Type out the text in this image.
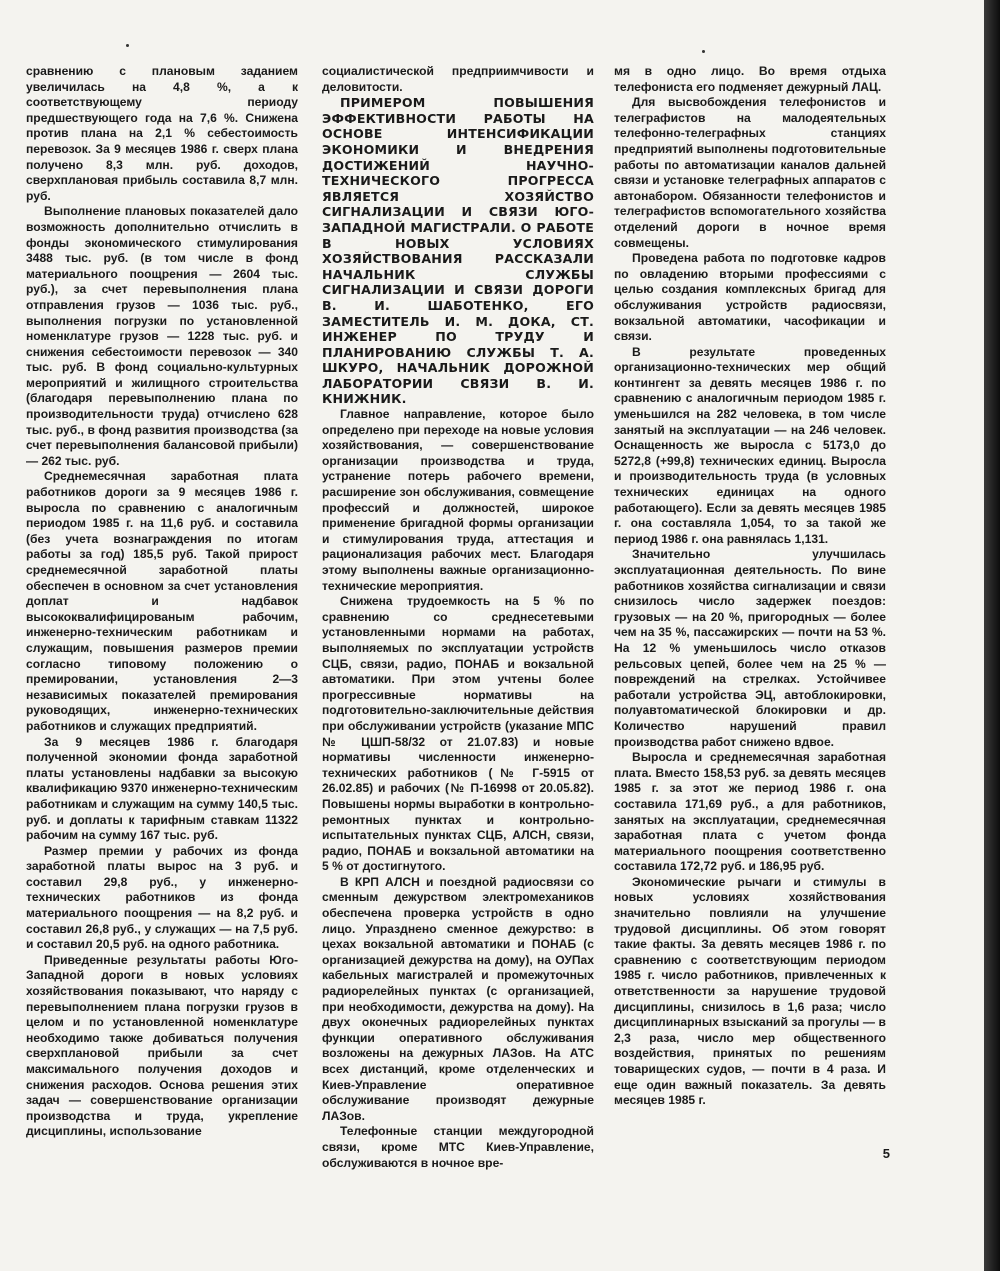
сравнению с плановым заданием увеличилась на 4,8 %, а к соответствующему периоду предшествующего года на 7,6 %. Снижена против плана на 2,1 % себестоимость перевозок. За 9 месяцев 1986 г. сверх плана получено 8,3 млн. руб. доходов, сверхплановая прибыль составила 8,7 млн. руб.

Выполнение плановых показателей дало возможность дополнительно отчислить в фонды экономического стимулирования 3488 тыс. руб. (в том числе в фонд материального поощрения — 2604 тыс. руб.), за счет перевыполнения плана отправления грузов — 1036 тыс. руб., выполнения погрузки по установленной номенклатуре грузов — 1228 тыс. руб. и снижения себестоимости перевозок — 340 тыс. руб. В фонд социально-культурных мероприятий и жилищного строительства (благодаря перевыполнению плана по производительности труда) отчислено 628 тыс. руб., в фонд развития производства (за счет перевыполнения балансовой прибыли) — 262 тыс. руб.

Среднемесячная заработная плата работников дороги за 9 месяцев 1986 г. выросла по сравнению с аналогичным периодом 1985 г. на 11,6 руб. и составила (без учета вознаграждения по итогам работы за год) 185,5 руб. Такой прирост среднемесячной заработной платы обеспечен в основном за счет установления доплат и надбавок высококвалифицированым рабочим, инженерно-техническим работникам и служащим, повышения размеров премии согласно типовому положению о премировании, установления 2—3 независимых показателей премирования руководящих, инженерно-технических работников и служащих предприятий.

За 9 месяцев 1986 г. благодаря полученной экономии фонда заработной платы установлены надбавки за высокую квалификацию 9370 инженерно-техническим работникам и служащим на сумму 140,5 тыс. руб. и доплаты к тарифным ставкам 11322 рабочим на сумму 167 тыс. руб.

Размер премии у рабочих из фонда заработной платы вырос на 3 руб. и составил 29,8 руб., у инженерно-технических работников из фонда материального поощрения — на 8,2 руб. и составил 26,8 руб., у служащих — на 7,5 руб. и составил 20,5 руб. на одного работника.

Приведенные результаты работы Юго-Западной дороги в новых условиях хозяйствования показывают, что наряду с перевыполнением плана погрузки грузов в целом и по установленной номенклатуре необходимо также добиваться получения сверхплановой прибыли за счет максимального получения доходов и снижения расходов. Основа решения этих задач — совершенствование организации производства и труда, укрепление дисциплины, использование

социалистической предприимчивости и деловитости.

ПРИМЕРОМ ПОВЫШЕНИЯ ЭФФЕКТИВНОСТИ РАБОТЫ НА ОСНОВЕ ИНТЕНСИФИКАЦИИ ЭКОНОМИКИ И ВНЕДРЕНИЯ ДОСТИЖЕНИЙ НАУЧНО-ТЕХНИЧЕСКОГО ПРОГРЕССА ЯВЛЯЕТСЯ ХОЗЯЙСТВО СИГНАЛИЗАЦИИ И СВЯЗИ ЮГО-ЗАПАДНОЙ МАГИСТРАЛИ. О РАБОТЕ В НОВЫХ УСЛОВИЯХ ХОЗЯЙСТВОВАНИЯ РАССКАЗАЛИ НАЧАЛЬНИК СЛУЖБЫ СИГНАЛИЗАЦИИ И СВЯЗИ ДОРОГИ В. И. ШАБОТЕНКО, ЕГО ЗАМЕСТИТЕЛЬ И. М. ДОКА, СТ. ИНЖЕНЕР ПО ТРУДУ И ПЛАНИРОВАНИЮ СЛУЖБЫ Т. А. ШКУРО, НАЧАЛЬНИК ДОРОЖНОЙ ЛАБОРАТОРИИ СВЯЗИ В. И. КНИЖНИК.

Главное направление, которое было определено при переходе на новые условия хозяйствования, — совершенствование организации производства и труда, устранение потерь рабочего времени, расширение зон обслуживания, совмещение профессий и должностей, широкое применение бригадной формы организации и стимулирования труда, аттестация и рационализация рабочих мест. Благодаря этому выполнены важные организационно-технические мероприятия.

Снижена трудоемкость на 5 % по сравнению со среднесетевыми установленными нормами на работах, выполняемых по эксплуатации устройств СЦБ, связи, радио, ПОНАБ и вокзальной автоматики. При этом учтены более прогрессивные нормативы на подготовительно-заключительные действия при обслуживании устройств (указание МПС № ЦШП-58/32 от 21.07.83) и новые нормативы численности инженерно-технических работников (№ Г-5915 от 26.02.85) и рабочих (№ П-16998 от 20.05.82). Повышены нормы выработки в контрольно-ремонтных пунктах и контрольно-испытательных пунктах СЦБ, АЛСН, связи, радио, ПОНАБ и вокзальной автоматики на 5 % от достигнутого.

В КРП АЛСН и поездной радиосвязи со сменным дежурством электромехаников обеспечена проверка устройств в одно лицо. Упразднено сменное дежурство: в цехах вокзальной автоматики и ПОНАБ (с организацией дежурства на дому), на ОУПах кабельных магистралей и промежуточных радиорелейных пунктах (с организацией, при необходимости, дежурства на дому). На двух оконечных радиорелейных пунктах функции оперативного обслуживания возложены на дежурных ЛАЗов. На АТС всех дистанций, кроме отделенческих и Киев-Управление оперативное обслуживание производят дежурные ЛАЗов.

Телефонные станции междугородной связи, кроме МТС Киев-Управление, обслуживаются в ночное вре-

мя в одно лицо. Во время отдыха телефониста его подменяет дежурный ЛАЦ.

Для высвобождения телефонистов и телеграфистов на малодеятельных телефонно-телеграфных станциях предприятий выполнены подготовительные работы по автоматизации каналов дальней связи и установке телеграфных аппаратов с автонабором. Обязанности телефонистов и телеграфистов вспомогательного хозяйства отделений дороги в ночное время совмещены.

Проведена работа по подготовке кадров по овладению вторыми профессиями с целью создания комплексных бригад для обслуживания устройств радиосвязи, вокзальной автоматики, часофикации и связи.

В результате проведенных организационно-технических мер общий контингент за девять месяцев 1986 г. по сравнению с аналогичным периодом 1985 г. уменьшился на 282 человека, в том числе занятый на эксплуатации — на 246 человек. Оснащенность же выросла с 5173,0 до 5272,8 (+99,8) технических единиц. Выросла и производительность труда (в условных технических единицах на одного работающего). Если за девять месяцев 1985 г. она составляла 1,054, то за такой же период 1986 г. она равнялась 1,131.

Значительно улучшилась эксплуатационная деятельность. По вине работников хозяйства сигнализации и связи снизилось число задержек поездов: грузовых — на 20 %, пригородных — более чем на 35 %, пассажирских — почти на 53 %. На 12 % уменьшилось число отказов рельсовых цепей, более чем на 25 % — повреждений на стрелках. Устойчивее работали устройства ЭЦ, автоблокировки, полуавтоматической блокировки и др. Количество нарушений правил производства работ снижено вдвое.

Выросла и среднемесячная заработная плата. Вместо 158,53 руб. за девять месяцев 1985 г. за этот же период 1986 г. она составила 171,69 руб., а для работников, занятых на эксплуатации, среднемесячная заработная плата с учетом фонда материального поощрения соответственно составила 172,72 руб. и 186,95 руб.

Экономические рычаги и стимулы в новых условиях хозяйствования значительно повлияли на улучшение трудовой дисциплины. Об этом говорят такие факты. За девять месяцев 1986 г. по сравнению с соответствующим периодом 1985 г. число работников, привлеченных к ответственности за нарушение трудовой дисциплины, снизилось в 1,6 раза; число дисциплинарных взысканий за прогулы — в 2,3 раза, число мер общественного воздействия, принятых по решениям товарищеских судов, — почти в 4 раза. И еще один важный показатель. За девять месяцев 1985 г.

5
